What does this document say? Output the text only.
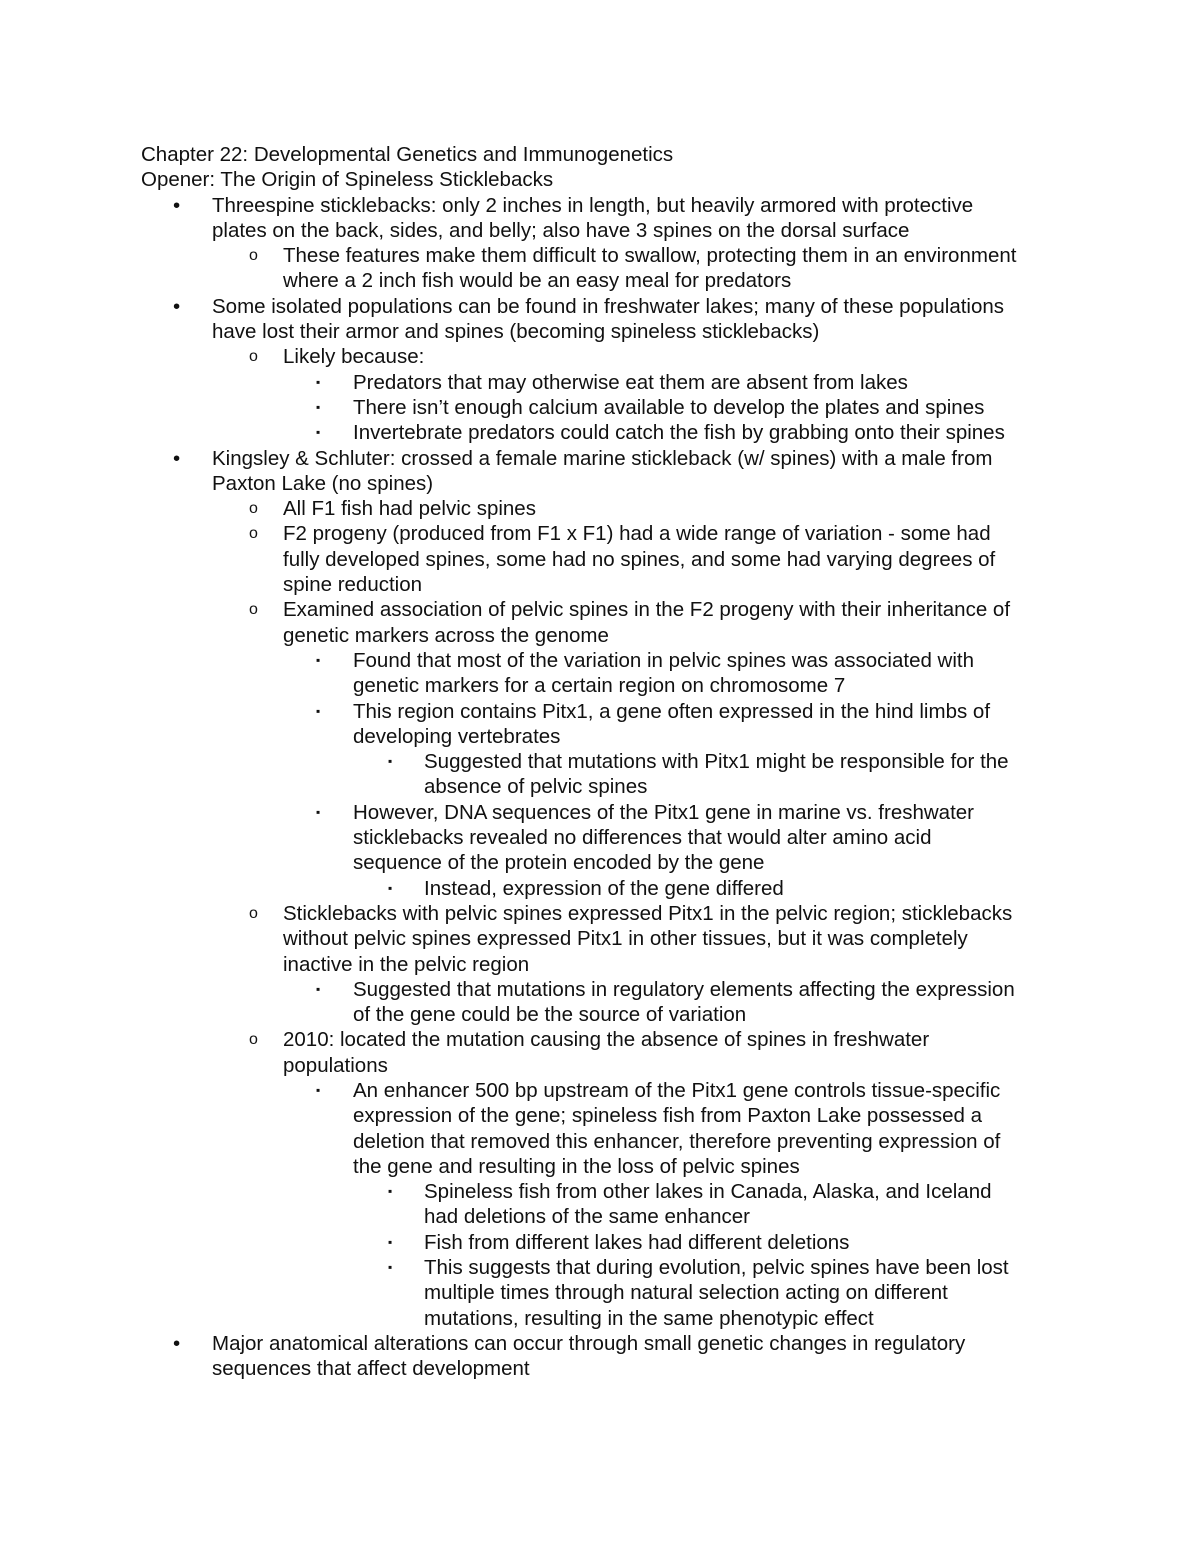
Chapter 22: Developmental Genetics and Immunogenetics

Opener: The Origin of Spineless Sticklebacks

• Threespine sticklebacks: only 2 inches in length, but heavily armored with protective
plates on the back, sides, and belly; also have 3 spines on the dorsal surface
o These features make them difficult to swallow, protecting them in an environment
where a 2 inch fish would be an easy meal for predators
• Some isolated populations can be found in freshwater lakes; many of these populations
have lost their armor and spines (becoming spineless sticklebacks)
o Likely because:
▪ Predators that may otherwise eat them are absent from lakes
▪ There isn’t enough calcium available to develop the plates and spines
▪ Invertebrate predators could catch the fish by grabbing onto their spines
• Kingsley & Schluter: crossed a female marine stickleback (w/ spines) with a male from
Paxton Lake (no spines)
o All F1 fish had pelvic spines
o F2 progeny (produced from F1 x F1) had a wide range of variation - some had
fully developed spines, some had no spines, and some had varying degrees of
spine reduction
o Examined association of pelvic spines in the F2 progeny with their inheritance of
genetic markers across the genome
▪ Found that most of the variation in pelvic spines was associated with
genetic markers for a certain region on chromosome 7
▪ This region contains Pitx1, a gene often expressed in the hind limbs of
developing vertebrates
▪ Suggested that mutations with Pitx1 might be responsible for the
absence of pelvic spines
▪ However, DNA sequences of the Pitx1 gene in marine vs. freshwater
sticklebacks revealed no differences that would alter amino acid
sequence of the protein encoded by the gene
▪ Instead, expression of the gene differed
o Sticklebacks with pelvic spines expressed Pitx1 in the pelvic region; sticklebacks
without pelvic spines expressed Pitx1 in other tissues, but it was completely
inactive in the pelvic region
▪ Suggested that mutations in regulatory elements affecting the expression
of the gene could be the source of variation
o 2010: located the mutation causing the absence of spines in freshwater
populations
▪ An enhancer 500 bp upstream of the Pitx1 gene controls tissue-specific
expression of the gene; spineless fish from Paxton Lake possessed a
deletion that removed this enhancer, therefore preventing expression of
the gene and resulting in the loss of pelvic spines
▪ Spineless fish from other lakes in Canada, Alaska, and Iceland
had deletions of the same enhancer
▪ Fish from different lakes had different deletions
▪ This suggests that during evolution, pelvic spines have been lost
multiple times through natural selection acting on different
mutations, resulting in the same phenotypic effect
• Major anatomical alterations can occur through small genetic changes in regulatory
sequences that affect development
